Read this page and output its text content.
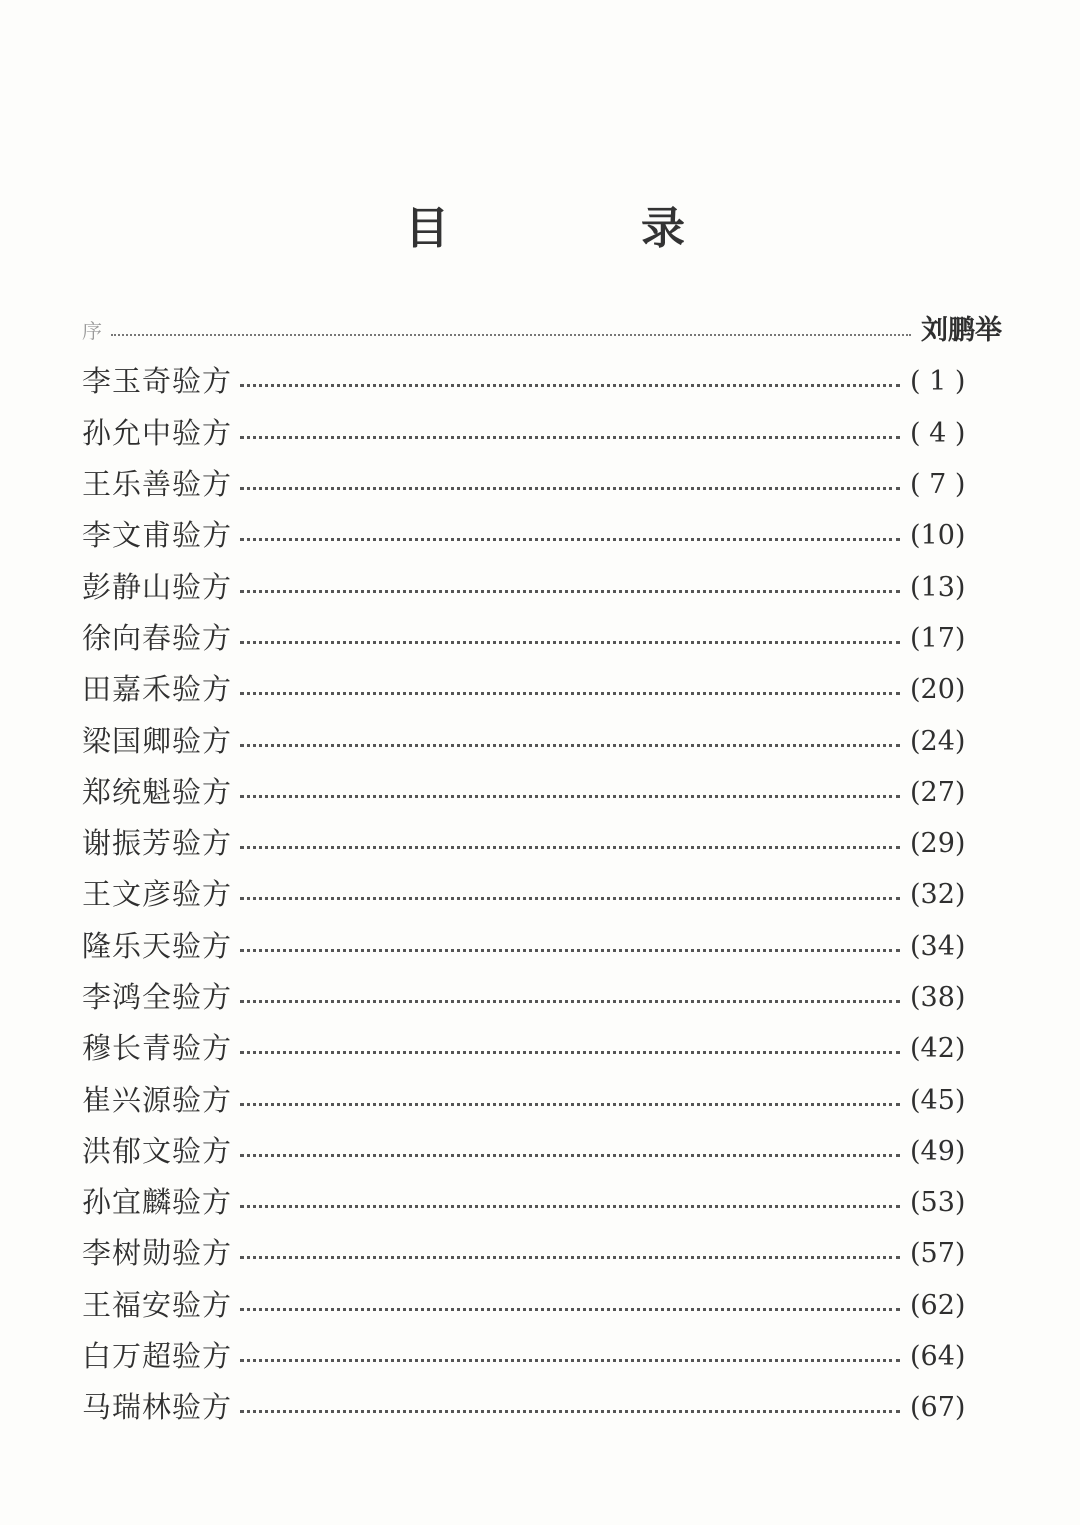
目	录
序	刘鹏举
李玉奇验方	( 1 )
孙允中验方	( 4 )
王乐善验方	( 7 )
李文甫验方	(10)
彭静山验方	(13)
徐向春验方	(17)
田嘉禾验方	(20)
梁国卿验方	(24)
郑统魁验方	(27)
谢振芳验方	(29)
王文彦验方	(32)
隆乐天验方	(34)
李鸿全验方	(38)
穆长青验方	(42)
崔兴源验方	(45)
洪郁文验方	(49)
孙宜麟验方	(53)
李树勋验方	(57)
王福安验方	(62)
白万超验方	(64)
马瑞林验方	(67)
